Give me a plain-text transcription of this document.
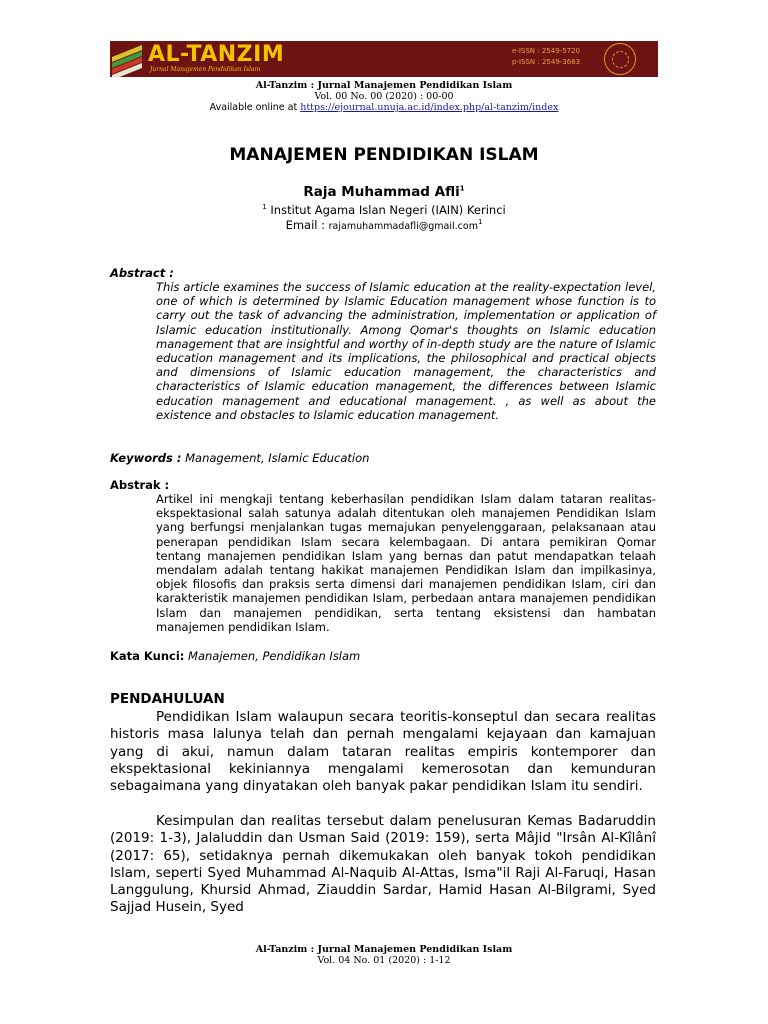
AL-TANZIM
Jurnal Manajemen Pendidikan Islam
e-ISSN : 2549-5720
p-ISSN : 2549-3663
Al-Tanzim : Jurnal Manajemen Pendidikan Islam
Vol. 00 No. 00 (2020) : 00-00
Available online at https://ejournal.unuja.ac.id/index.php/al-tanzim/index
MANAJEMEN PENDIDIKAN ISLAM
Raja Muhammad Afli$^1$
$^1$ Institut Agama Islan Negeri (IAIN) Kerinci
Email : rajamuhammadafli@gmail.com$^1$
Abstract :
This article examines the success of Islamic education at the reality-expectation level, one of which is determined by Islamic Education management whose function is to carry out the task of advancing the administration, implementation or application of Islamic education institutionally. Among Qomar's thoughts on Islamic education management that are insightful and worthy of in-depth study are the nature of Islamic education management and its implications, the philosophical and practical objects and dimensions of Islamic education management, the characteristics and characteristics of Islamic education management, the differences between Islamic education management and educational management. , as well as about the existence and obstacles to Islamic education management.
Keywords : Management, Islamic Education
Abstrak :
Artikel ini mengkaji tentang keberhasilan pendidikan Islam dalam tataran realitas- ekspektasional salah satunya adalah ditentukan oleh manajemen Pendidikan Islam yang berfungsi menjalankan tugas memajukan penyelenggaraan, pelaksanaan atau penerapan pendidikan Islam secara kelembagaan. Di antara pemikiran Qomar tentang manajemen pendidikan Islam yang bernas dan patut mendapatkan telaah mendalam adalah tentang hakikat manajemen Pendidikan Islam dan impilkasinya, objek filosofis dan praksis serta dimensi dari manajemen pendidikan Islam, ciri dan karakteristik manajemen pendidikan Islam, perbedaan antara manajemen pendidikan Islam dan manajemen pendidikan, serta tentang eksistensi dan hambatan manajemen pendidikan Islam.
Kata Kunci: Manajemen, Pendidikan Islam
PENDAHULUAN
Pendidikan Islam walaupun secara teoritis-konseptul dan secara realitas historis masa lalunya telah dan pernah mengalami kejayaan dan kamajuan yang di akui, namun dalam tataran realitas empiris kontemporer dan ekspektasional kekiniannya mengalami kemerosotan dan kemunduran sebagaimana yang dinyatakan oleh banyak pakar pendidikan Islam itu sendiri.
Kesimpulan dan realitas tersebut dalam penelusuran Kemas Badaruddin (2019: 1-3), Jalaluddin dan Usman Said (2019: 159), serta Mâjid "Irsân Al-Kîlânî (2017: 65), setidaknya pernah dikemukakan oleh banyak tokoh pendidikan Islam, seperti Syed Muhammad Al-Naquib Al-Attas, Isma"il Raji Al-Faruqi, Hasan Langgulung, Khursid Ahmad, Ziauddin Sardar, Hamid Hasan Al-Bilgrami, Syed Sajjad Husein, Syed
Al-Tanzim : Jurnal Manajemen Pendidikan Islam
Vol. 04 No. 01 (2020) : 1-12
